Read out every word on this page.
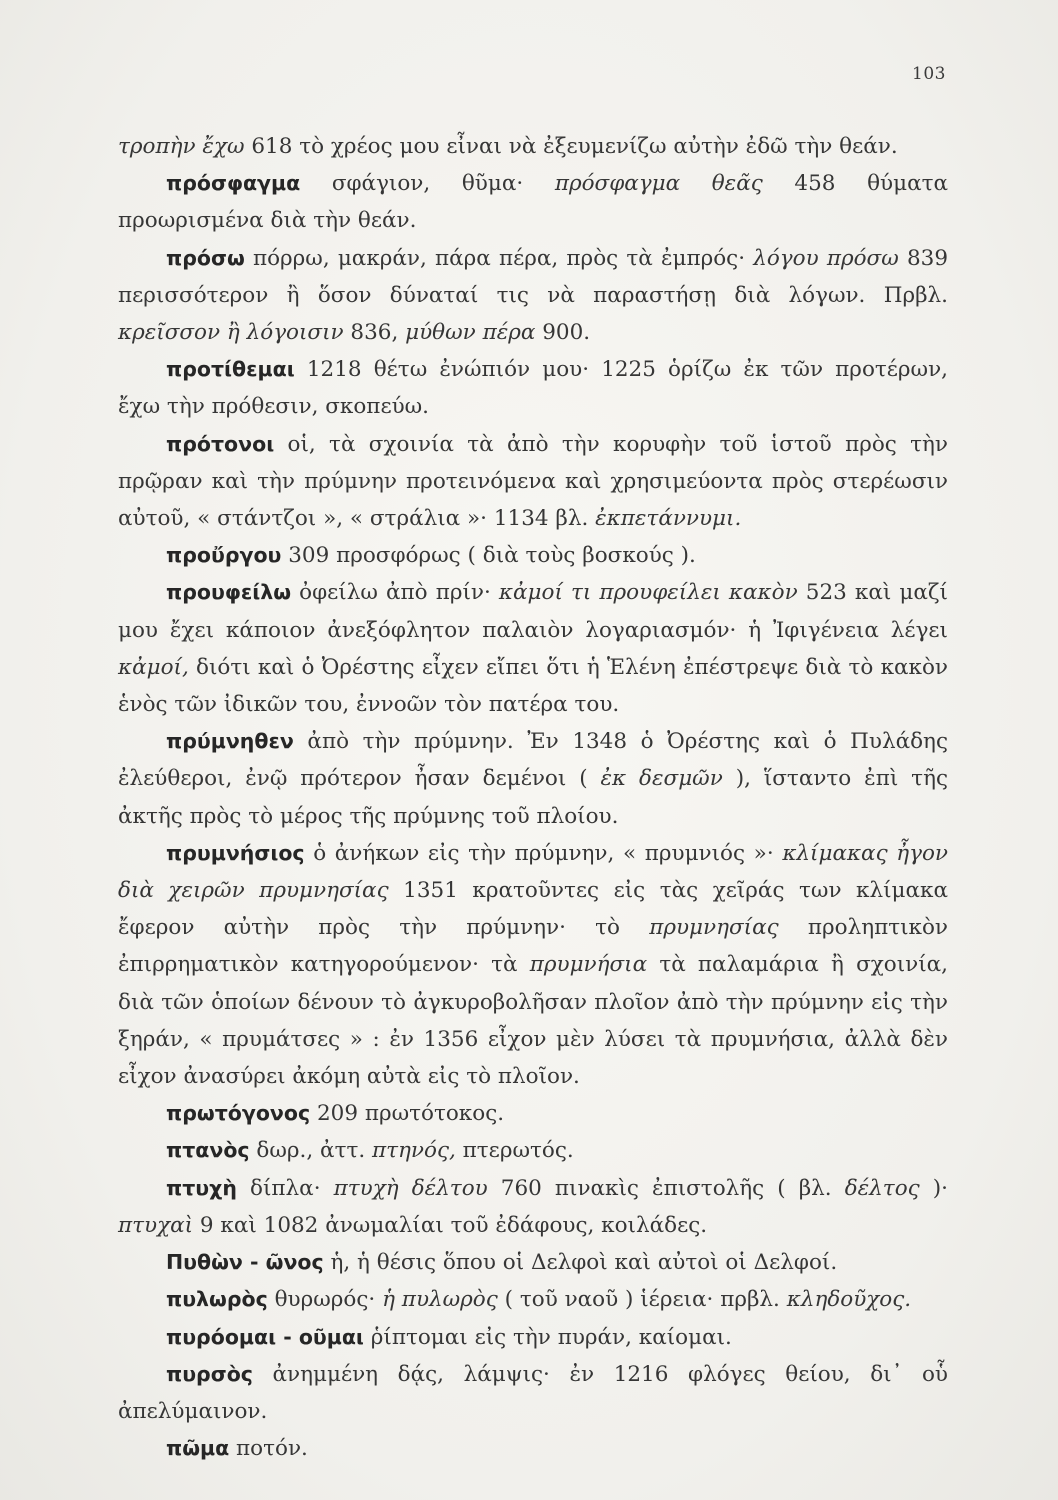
103
τροπὴν ἔχω 618 τὸ χρέος μου εἶναι νὰ ἐξευμενίζω αὐτὴν ἐδῶ τὴν θεάν.
πρόσφαγμα σφάγιον, θῦμα· πρόσφαγμα θεᾶς 458 θύματα προωρισμένα διὰ τὴν θεάν.
πρόσω πόρρω, μακράν, πάρα πέρα, πρὸς τὰ ἐμπρός· λόγου πρόσω 839 περισσότερον ἢ ὅσον δύναταί τις νὰ παραστήσῃ διὰ λόγων. Πρβλ. κρεῖσσον ἢ λόγοισιν 836, μύθων πέρα 900.
προτίθεμαι 1218 θέτω ἐνώπιόν μου· 1225 ὁρίζω ἐκ τῶν προτέρων, ἔχω τὴν πρόθεσιν, σκοπεύω.
πρότονοι οἱ, τὰ σχοινία τὰ ἀπὸ τὴν κορυφὴν τοῦ ἱστοῦ πρὸς τὴν πρῷραν καὶ τὴν πρύμνην προτεινόμενα καὶ χρησιμεύοντα πρὸς στερέωσιν αὐτοῦ, « στάντζοι », « στράλια »· 1134 βλ. ἐκπετάννυμι.
προὔργου 309 προσφόρως ( διὰ τοὺς βοσκούς ).
προυφείλω ὀφείλω ἀπὸ πρίν· κἀμοί τι προυφείλει κακὸν 523 καὶ μαζί μου ἔχει κάποιον ἀνεξόφλητον παλαιὸν λογαριασμόν· ἡ Ἰφιγένεια λέγει κἀμοί, διότι καὶ ὁ Ὀρέστης εἶχεν εἴπει ὅτι ἡ Ἑλένη ἐπέστρεψε διὰ τὸ κακὸν ἑνὸς τῶν ἰδικῶν του, ἐννοῶν τὸν πατέρα του.
πρύμνηθεν ἀπὸ τὴν πρύμνην. Ἐν 1348 ὁ Ὀρέστης καὶ ὁ Πυλάδης ἐλεύθεροι, ἐνῷ πρότερον ἦσαν δεμένοι ( ἐκ δεσμῶν ), ἵσταντο ἐπὶ τῆς ἀκτῆς πρὸς τὸ μέρος τῆς πρύμνης τοῦ πλοίου.
πρυμνήσιος ὁ ἀνήκων εἰς τὴν πρύμνην, « πρυμνιός »· κλίμακας ἦγον διὰ χειρῶν πρυμνησίας 1351 κρατοῦντες εἰς τὰς χεῖράς των κλίμακα ἔφερον αὐτὴν πρὸς τὴν πρύμνην· τὸ πρυμνησίας προληπτικὸν ἐπιρρηματικὸν κατηγορούμενον· τὰ πρυμνήσια τὰ παλαμάρια ἢ σχοινία, διὰ τῶν ὁποίων δένουν τὸ ἀγκυροβολῆσαν πλοῖον ἀπὸ τὴν πρύμνην εἰς τὴν ξηράν, « πρυμάτσες » : ἐν 1356 εἶχον μὲν λύσει τὰ πρυμνήσια, ἀλλὰ δὲν εἶχον ἀνασύρει ἀκόμη αὐτὰ εἰς τὸ πλοῖον.
πρωτόγονος 209 πρωτότοκος.
πτανὸς δωρ., ἀττ. πτηνός, πτερωτός.
πτυχὴ δίπλα· πτυχὴ δέλτου 760 πινακὶς ἐπιστολῆς ( βλ. δέλτος )· πτυχαὶ 9 καὶ 1082 ἀνωμαλίαι τοῦ ἐδάφους, κοιλάδες.
Πυθὼν - ῶνος ἡ, ἡ θέσις ὅπου οἱ Δελφοὶ καὶ αὐτοὶ οἱ Δελφοί.
πυλωρὸς θυρωρός· ἡ πυλωρὸς ( τοῦ ναοῦ ) ἱέρεια· πρβλ. κληδοῦχος.
πυρόομαι - οῦμαι ῥίπτομαι εἰς τὴν πυράν, καίομαι.
πυρσὸς ἀνημμένη δᾴς, λάμψις· ἐν 1216 φλόγες θείου, δι᾽ οὗ ἀπελύμαινον.
πῶμα ποτόν.
